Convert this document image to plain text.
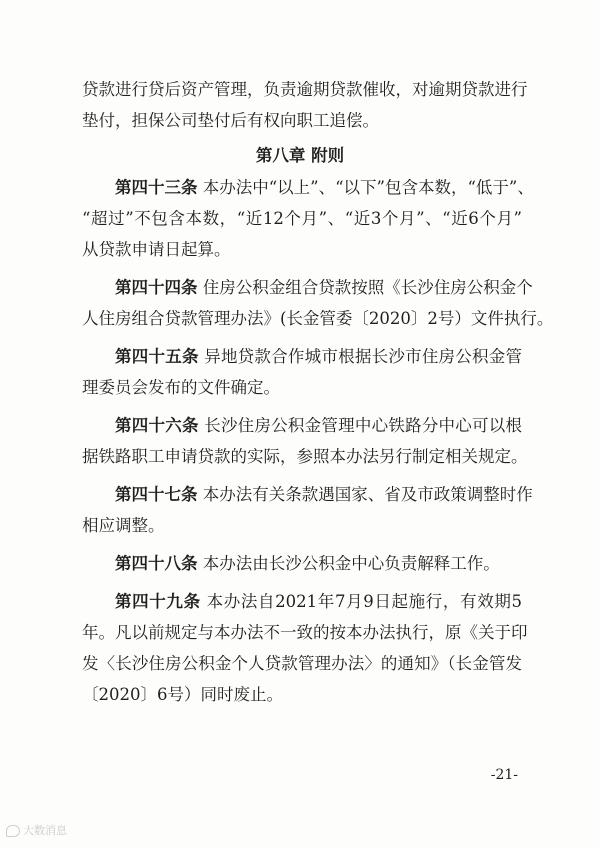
贷款进行贷后资产管理，负责逾期贷款催收，对逾期贷款进行
垫付，担保公司垫付后有权向职工追偿。
第八章 附则
第四十三条 本办法中“以上”、“以下”包含本数，“低于”、
“超过”不包含本数，“近12个月”、“近3个月”、“近6个月”
从贷款申请日起算。
第四十四条 住房公积金组合贷款按照《长沙住房公积金个
人住房组合贷款管理办法》(长金管委〔2020〕2号）文件执行。
第四十五条 异地贷款合作城市根据长沙市住房公积金管
理委员会发布的文件确定。
第四十六条 长沙住房公积金管理中心铁路分中心可以根
据铁路职工申请贷款的实际，参照本办法另行制定相关规定。
第四十七条 本办法有关条款遇国家、省及市政策调整时作
相应调整。
第四十八条 本办法由长沙公积金中心负责解释工作。
第四十九条 本办法自2021年7月9日起施行，有效期5
年。凡以前规定与本办法不一致的按本办法执行，原《关于印
发〈长沙住房公积金个人贷款管理办法〉的通知》（长金管发
〔2020〕6号）同时废止。
-21-
大数消息
